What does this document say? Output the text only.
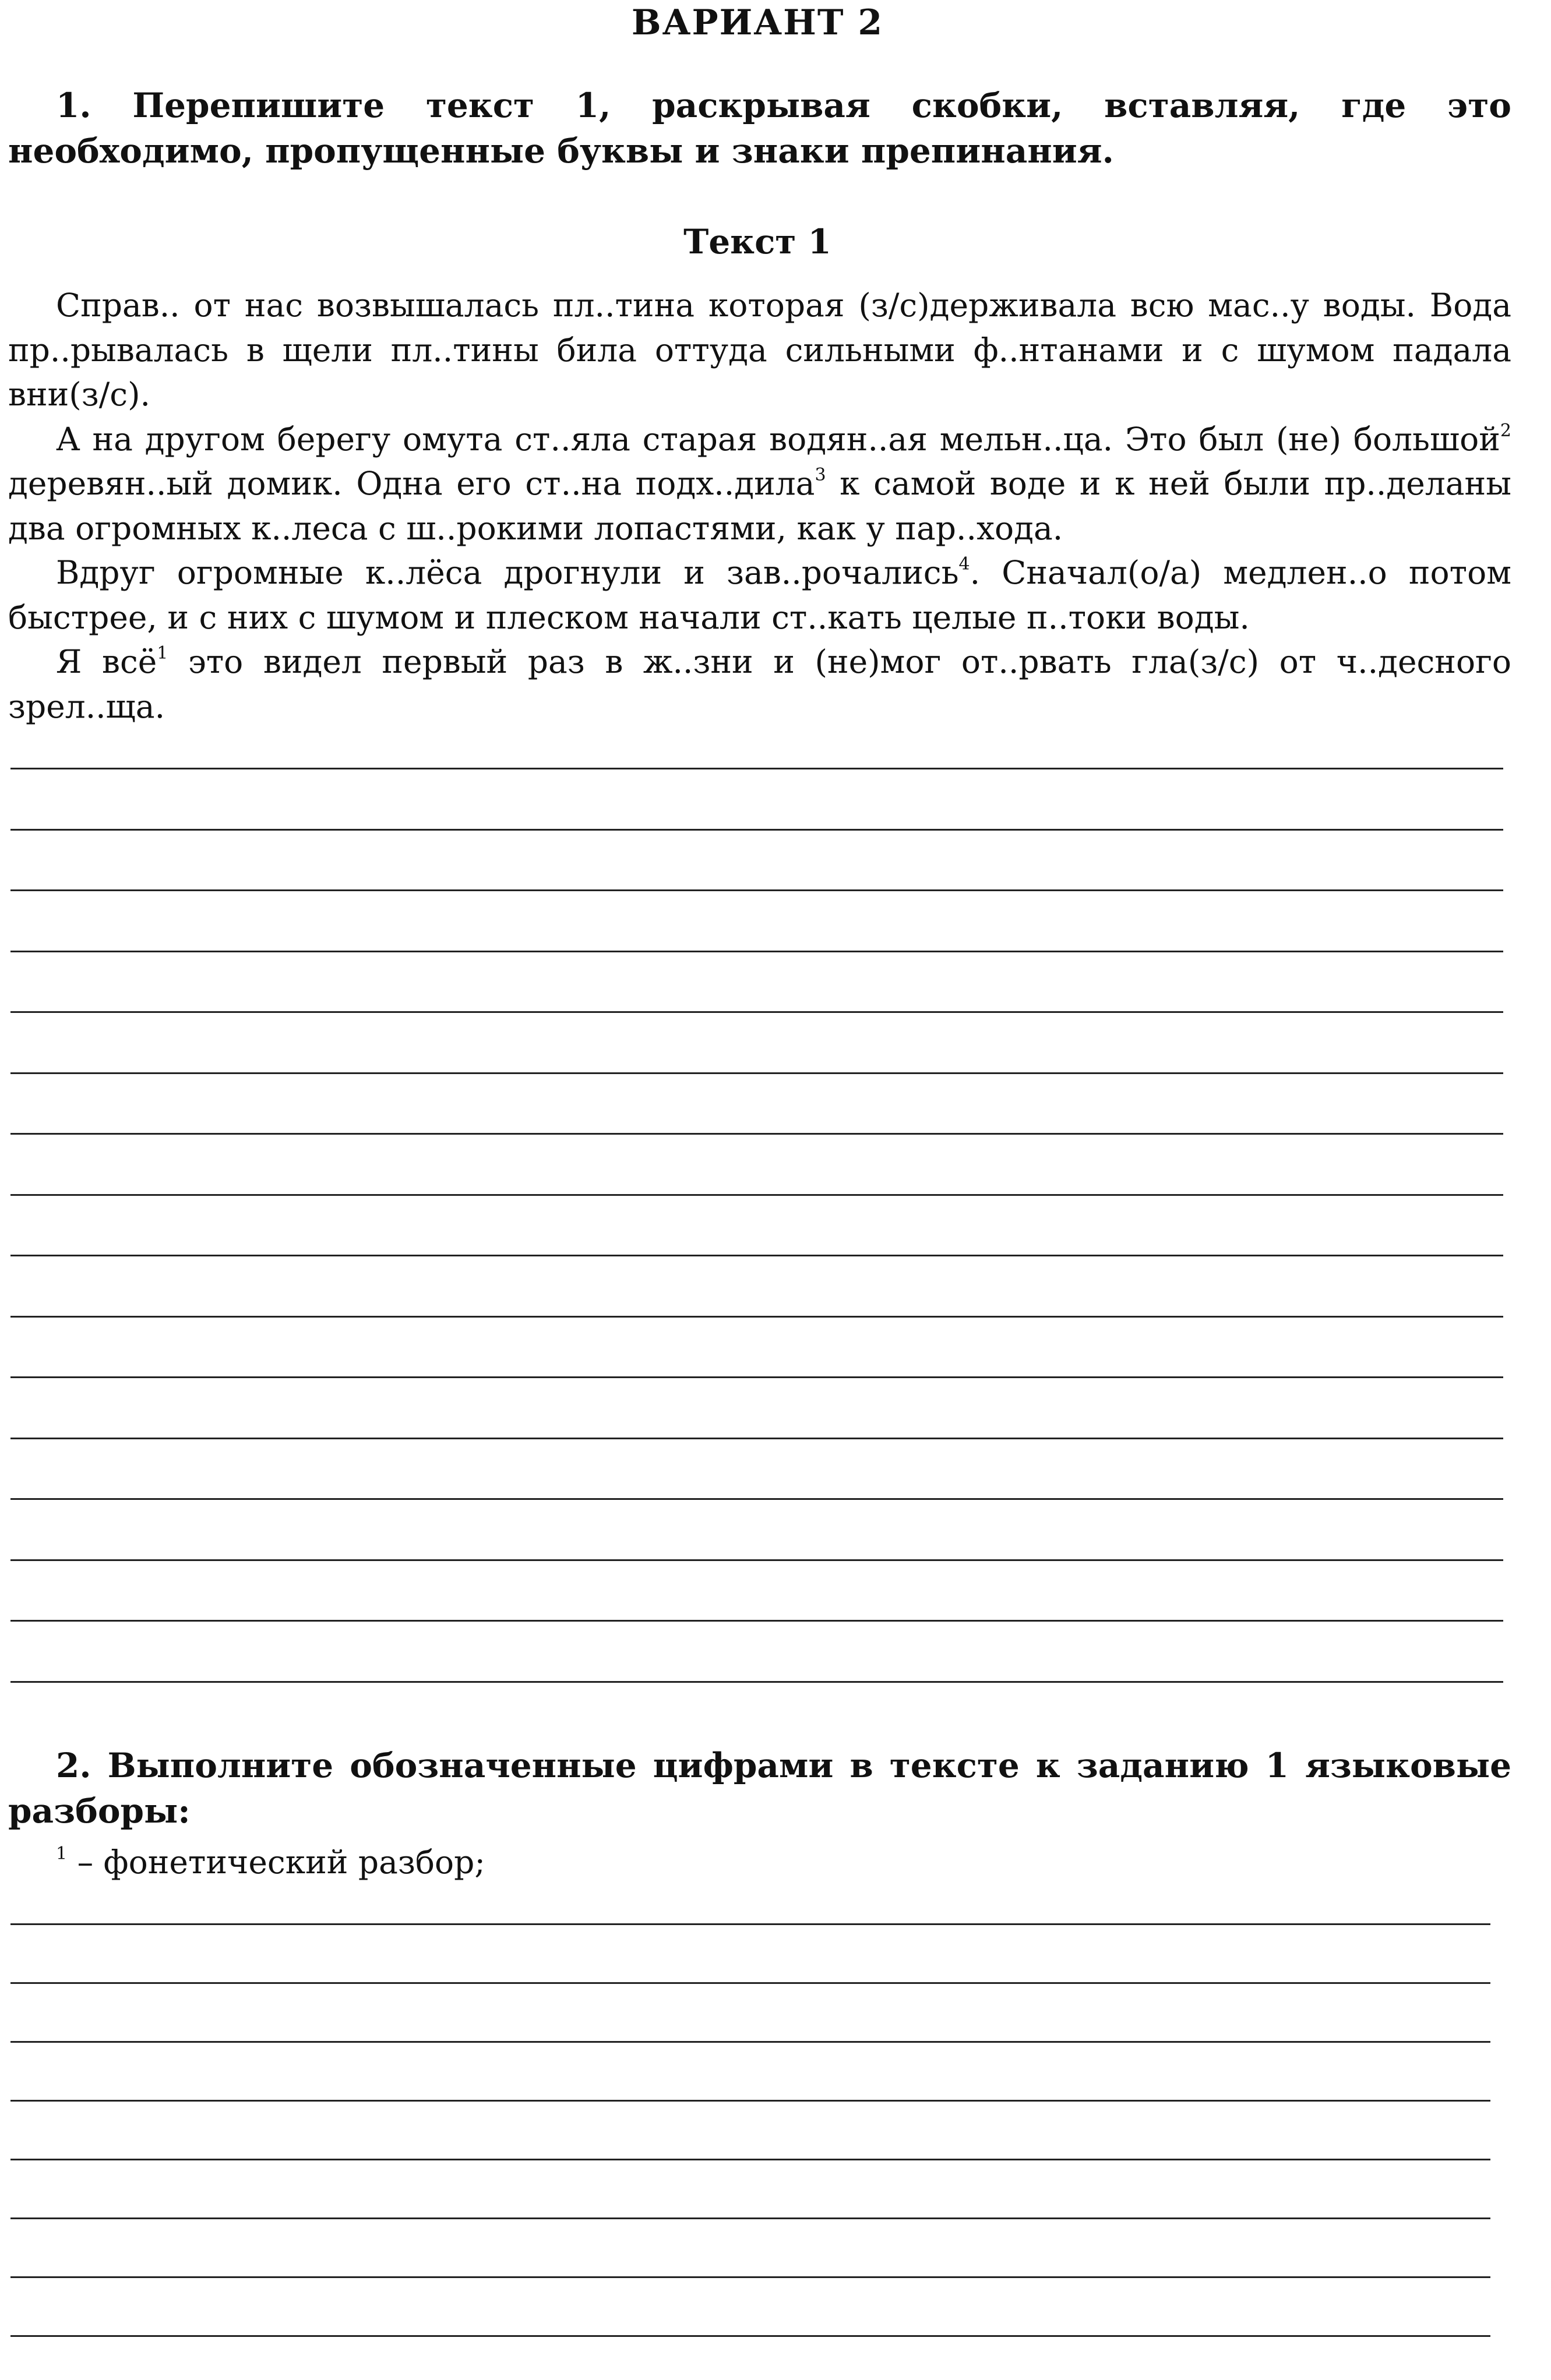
ВАРИАНТ 2
1. Перепишите текст 1, раскрывая скобки, вставляя, где это необходимо, пропущенные буквы и знаки препинания.
Текст 1

Справ.. от нас возвышалась пл..тина которая (з/с)держивала всю мас..у воды. Вода пр..рывалась в щели пл..тины била оттуда сильными ф..нтанами и с шумом падала вни(з/с).

А на другом берегу омута ст..яла старая водян..ая мельн..ца. Это был (не) большой$^2$ деревян..ый домик. Одна его ст..на подх..дила$^3$ к самой воде и к ней были пр..деланы два огромных к..леса с ш..рокими лопастями, как у пар..хода.

Вдруг огромные к..лёса дрогнули и зав..рочались$^4$. Сначал(о/а) медлен..о потом быстрее, и с них с шумом и плеском начали ст..кать целые п..токи воды.

Я всё$^1$ это видел первый раз в ж..зни и (не)мог от..рвать гла(з/с) от ч..десного зрел..ща.

2. Выполните обозначенные цифрами в тексте к заданию 1 языковые разборы:
$^1$ – фонетический разбор;
